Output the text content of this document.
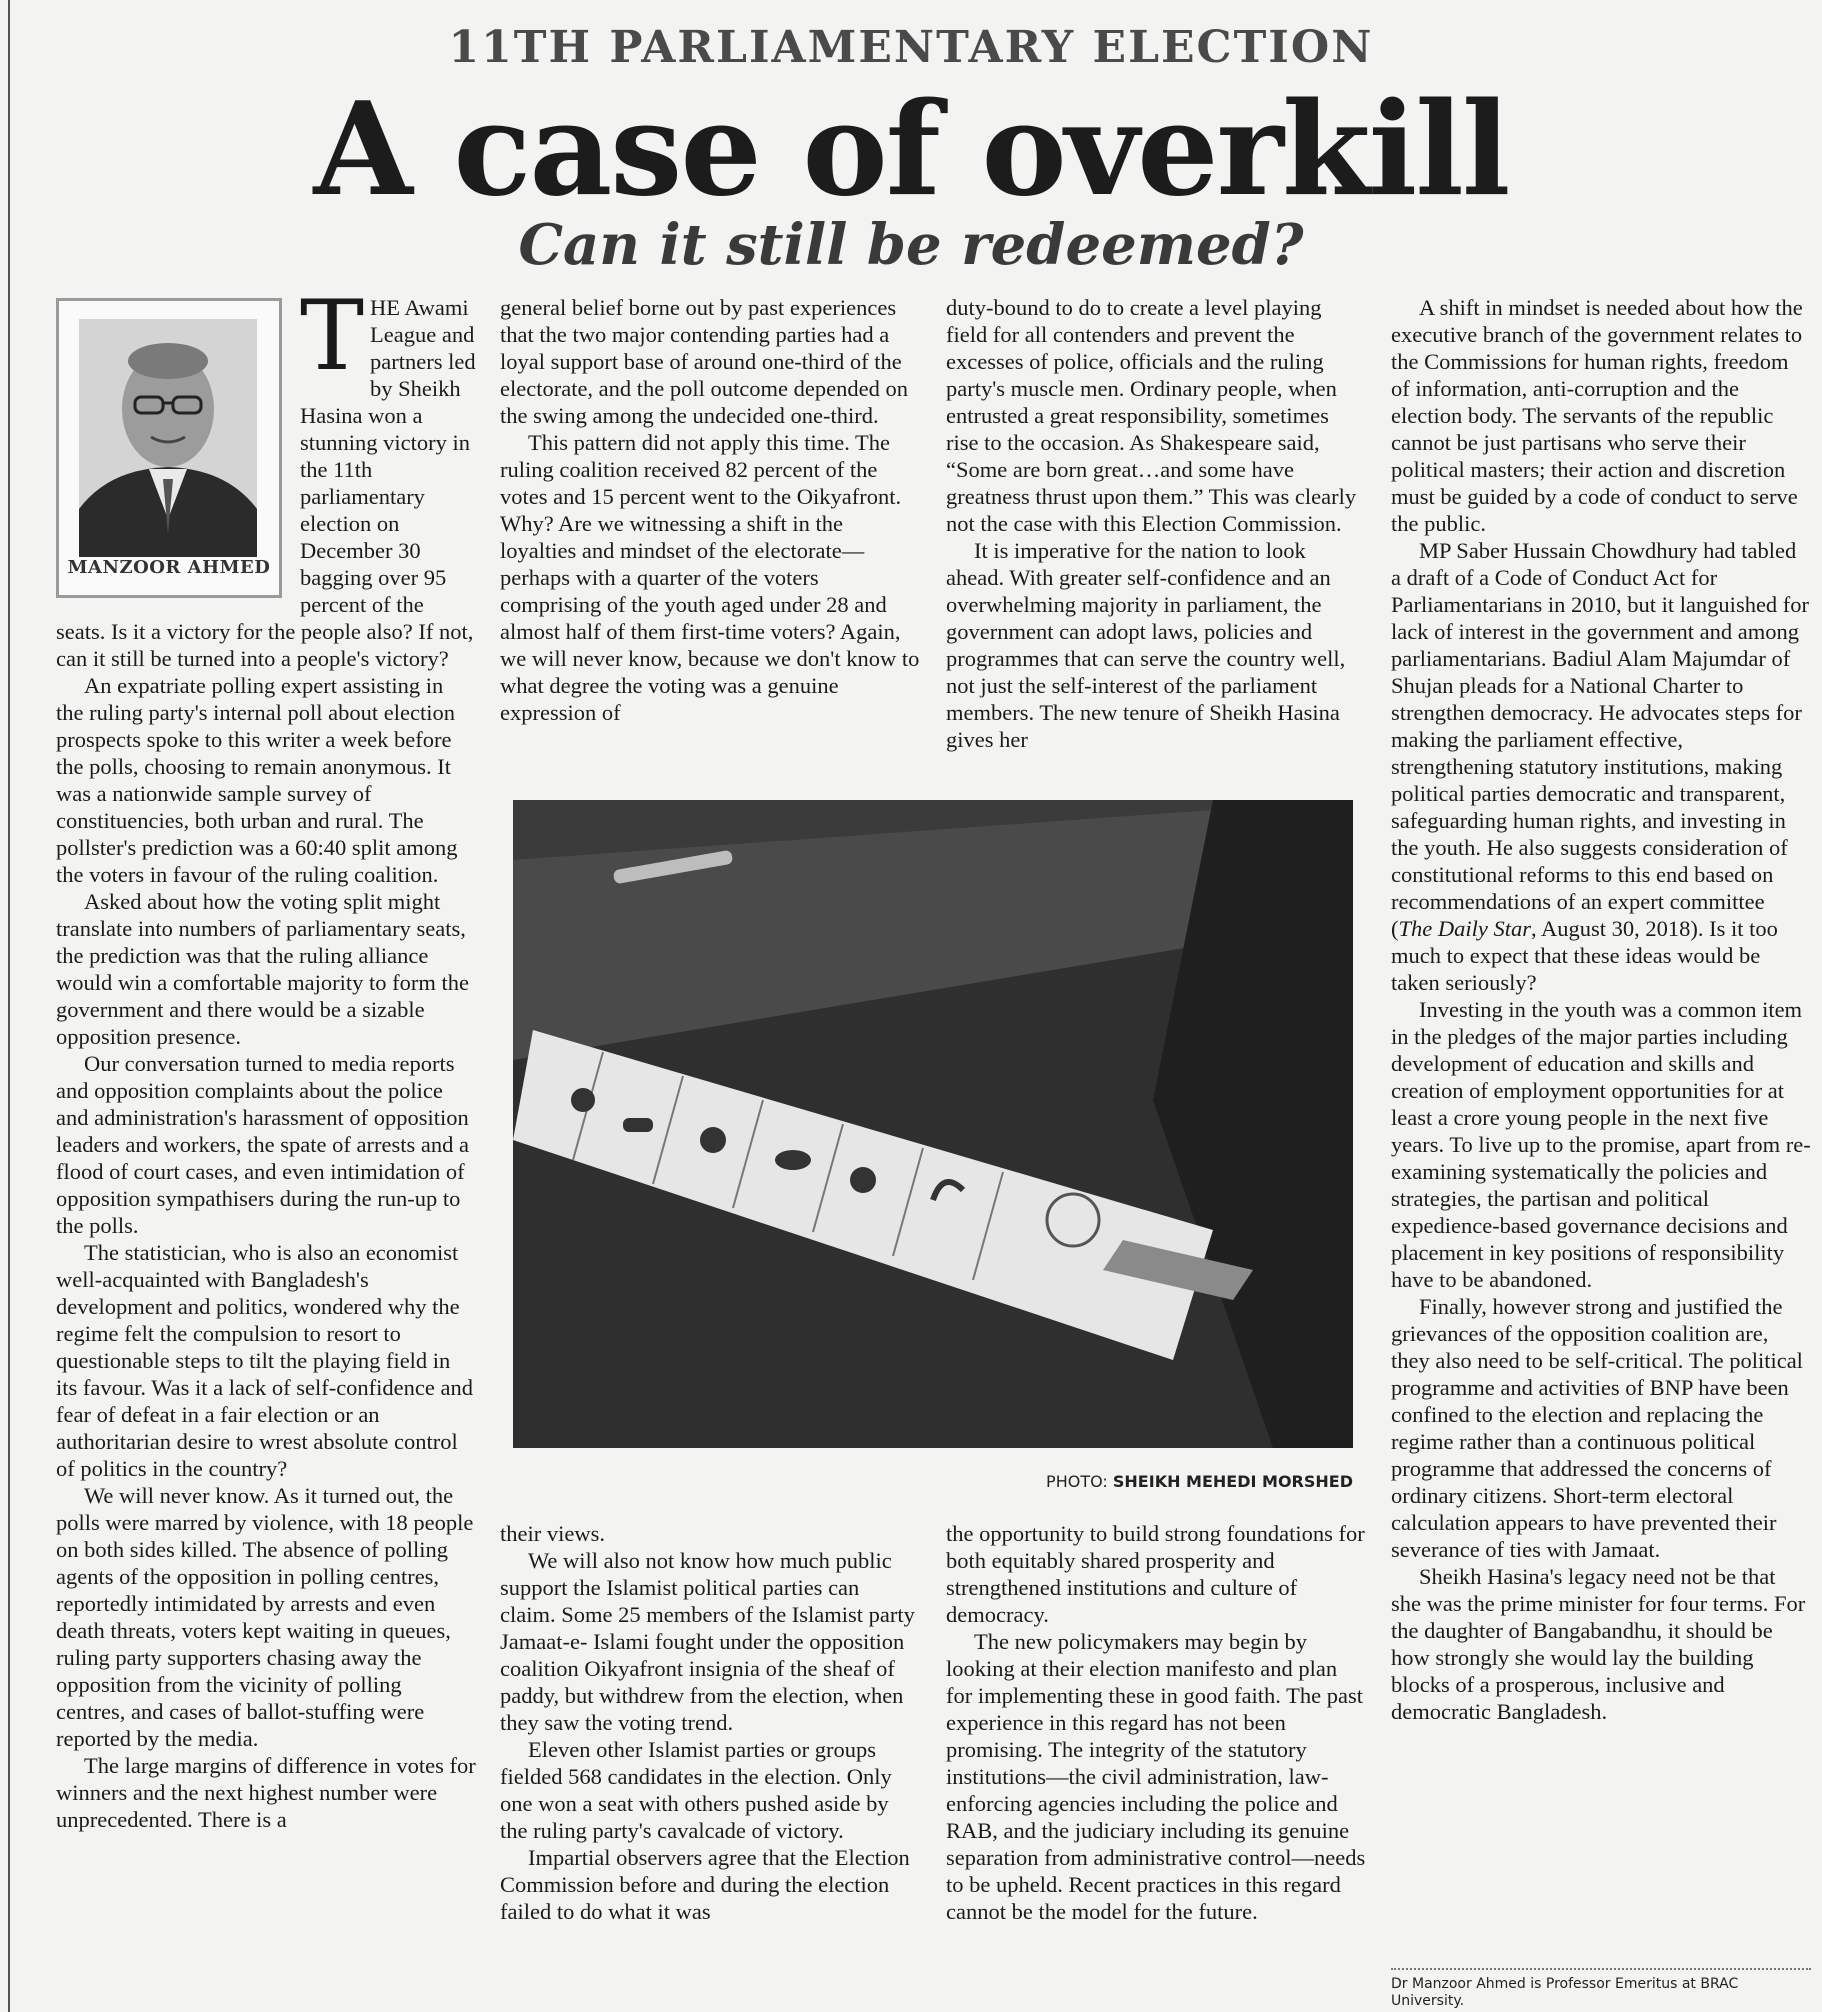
11TH PARLIAMENTARY ELECTION
A case of overkill
Can it still be redeemed?
MANZOOR AHMED

THE Awami League and partners led by Sheikh Hasina won a stunning victory in the 11th parliamentary election on December 30 bagging over 95 percent of the seats. Is it a victory for the people also? If not, can it still be turned into a people's victory?

An expatriate polling expert assisting in the ruling party's internal poll about election prospects spoke to this writer a week before the polls, choosing to remain anonymous. It was a nationwide sample survey of constituencies, both urban and rural. The pollster's prediction was a 60:40 split among the voters in favour of the ruling coalition.

Asked about how the voting split might translate into numbers of parliamentary seats, the prediction was that the ruling alliance would win a comfortable majority to form the government and there would be a sizable opposition presence.

Our conversation turned to media reports and opposition complaints about the police and administration's harassment of opposition leaders and workers, the spate of arrests and a flood of court cases, and even intimidation of opposition sympathisers during the run-up to the polls.

The statistician, who is also an economist well-acquainted with Bangladesh's development and politics, wondered why the regime felt the compulsion to resort to questionable steps to tilt the playing field in its favour. Was it a lack of self-confidence and fear of defeat in a fair election or an authoritarian desire to wrest absolute control of politics in the country?

We will never know. As it turned out, the polls were marred by violence, with 18 people on both sides killed. The absence of polling agents of the opposition in polling centres, reportedly intimidated by arrests and even death threats, voters kept waiting in queues, ruling party supporters chasing away the opposition from the vicinity of polling centres, and cases of ballot-stuffing were reported by the media.

The large margins of difference in votes for winners and the next highest number were unprecedented. There is a

general belief borne out by past experiences that the two major contending parties had a loyal support base of around one-third of the electorate, and the poll outcome depended on the swing among the undecided one-third.

This pattern did not apply this time. The ruling coalition received 82 percent of the votes and 15 percent went to the Oikyafront. Why? Are we witnessing a shift in the loyalties and mindset of the electorate—perhaps with a quarter of the voters comprising of the youth aged under 28 and almost half of them first-time voters? Again, we will never know, because we don't know to what degree the voting was a genuine expression of

duty-bound to do to create a level playing field for all contenders and prevent the excesses of police, officials and the ruling party's muscle men. Ordinary people, when entrusted a great responsibility, sometimes rise to the occasion. As Shakespeare said, “Some are born great…and some have greatness thrust upon them.” This was clearly not the case with this Election Commission.

It is imperative for the nation to look ahead. With greater self-confidence and an overwhelming majority in parliament, the government can adopt laws, policies and programmes that can serve the country well, not just the self-interest of the parliament members. The new tenure of Sheikh Hasina gives her

PHOTO: SHEIKH MEHEDI MORSHED

their views.

We will also not know how much public support the Islamist political parties can claim. Some 25 members of the Islamist party Jamaat-e- Islami fought under the opposition coalition Oikyafront insignia of the sheaf of paddy, but withdrew from the election, when they saw the voting trend.

Eleven other Islamist parties or groups fielded 568 candidates in the election. Only one won a seat with others pushed aside by the ruling party's cavalcade of victory.

Impartial observers agree that the Election Commission before and during the election failed to do what it was

the opportunity to build strong foundations for both equitably shared prosperity and strengthened institutions and culture of democracy.

The new policymakers may begin by looking at their election manifesto and plan for implementing these in good faith. The past experience in this regard has not been promising. The integrity of the statutory institutions—the civil administration, law-enforcing agencies including the police and RAB, and the judiciary including its genuine separation from administrative control—needs to be upheld. Recent practices in this regard cannot be the model for the future.

A shift in mindset is needed about how the executive branch of the government relates to the Commissions for human rights, freedom of information, anti-corruption and the election body. The servants of the republic cannot be just partisans who serve their political masters; their action and discretion must be guided by a code of conduct to serve the public.

MP Saber Hussain Chowdhury had tabled a draft of a Code of Conduct Act for Parliamentarians in 2010, but it languished for lack of interest in the government and among parliamentarians. Badiul Alam Majumdar of Shujan pleads for a National Charter to strengthen democracy. He advocates steps for making the parliament effective, strengthening statutory institutions, making political parties democratic and transparent, safeguarding human rights, and investing in the youth. He also suggests consideration of constitutional reforms to this end based on recommendations of an expert committee (The Daily Star, August 30, 2018). Is it too much to expect that these ideas would be taken seriously?

Investing in the youth was a common item in the pledges of the major parties including development of education and skills and creation of employment opportunities for at least a crore young people in the next five years. To live up to the promise, apart from re-examining systematically the policies and strategies, the partisan and political expedience-based governance decisions and placement in key positions of responsibility have to be abandoned.

Finally, however strong and justified the grievances of the opposition coalition are, they also need to be self-critical. The political programme and activities of BNP have been confined to the election and replacing the regime rather than a continuous political programme that addressed the concerns of ordinary citizens. Short-term electoral calculation appears to have prevented their severance of ties with Jamaat.

Sheikh Hasina's legacy need not be that she was the prime minister for four terms. For the daughter of Bangabandhu, it should be how strongly she would lay the building blocks of a prosperous, inclusive and democratic Bangladesh.

Dr Manzoor Ahmed is Professor Emeritus at BRAC University.
